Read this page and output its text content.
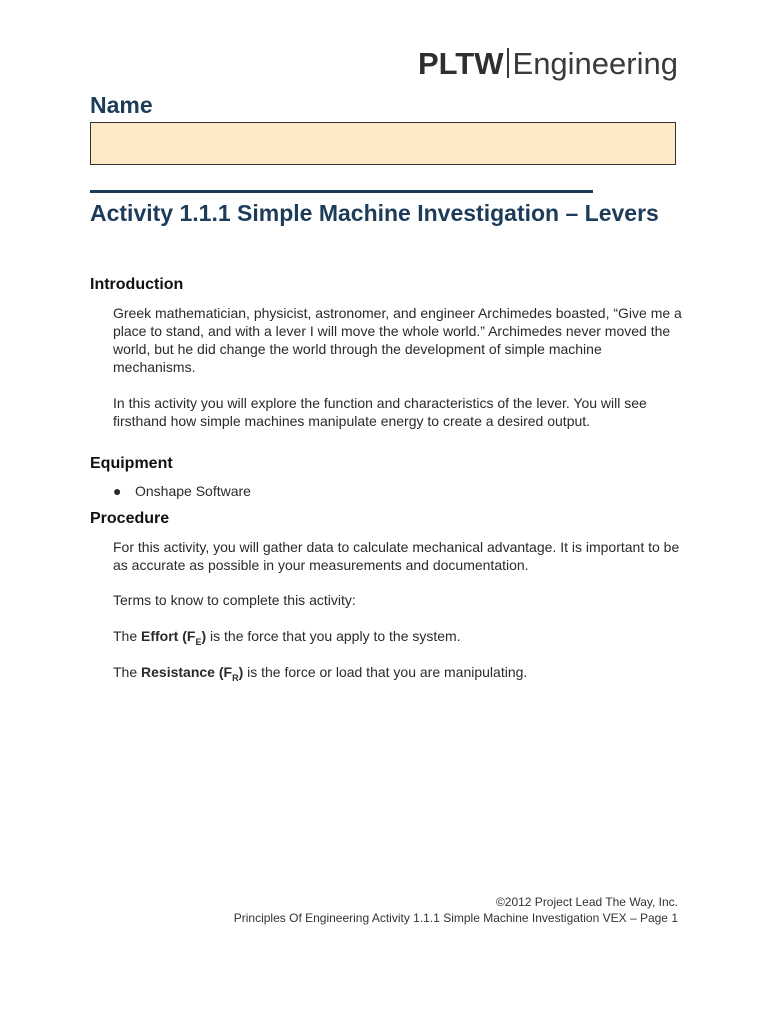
PLTW Engineering
Name
Activity 1.1.1 Simple Machine Investigation – Levers
Introduction

Greek mathematician, physicist, astronomer, and engineer Archimedes boasted, “Give me a place to stand, and with a lever I will move the whole world.” Archimedes never moved the world, but he did change the world through the development of simple machine mechanisms.

In this activity you will explore the function and characteristics of the lever. You will see firsthand how simple machines manipulate energy to create a desired output.

Equipment
● Onshape Software
Procedure

For this activity, you will gather data to calculate mechanical advantage. It is important to be as accurate as possible in your measurements and documentation.

Terms to know to complete this activity:

The Effort $(F_E)$ is the force that you apply to the system.

The Resistance $(F_R)$ is the force or load that you are manipulating.

©2012 Project Lead The Way, Inc.
Principles Of Engineering Activity 1.1.1 Simple Machine Investigation VEX – Page 1
